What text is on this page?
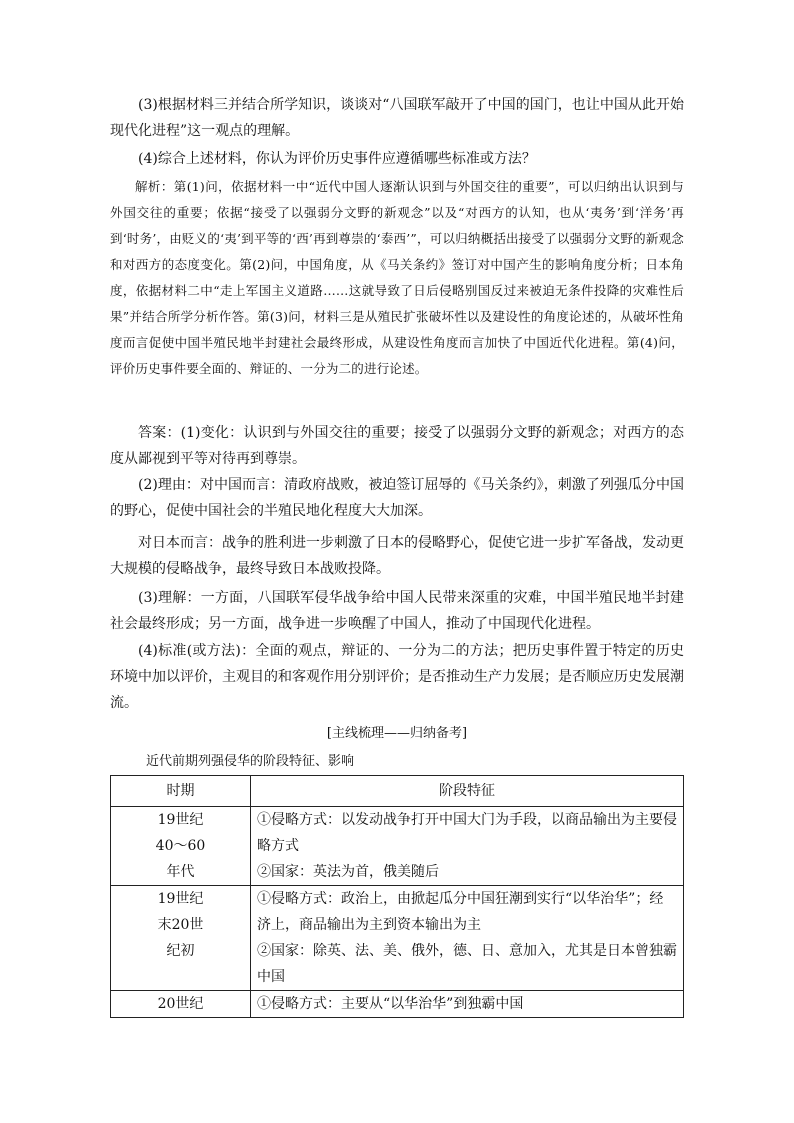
(3)根据材料三并结合所学知识，谈谈对“八国联军敲开了中国的国门，也让中国从此开始现代化进程”这一观点的理解。

(4)综合上述材料，你认为评价历史事件应遵循哪些标准或方法？

解析：第(1)问，依据材料一中“近代中国人逐渐认识到与外国交往的重要”，可以归纳出认识到与外国交往的重要；依据“接受了以强弱分文野的新观念”以及“对西方的认知，也从‘夷务’到‘洋务’再到‘时务’，由贬义的‘夷’到平等的‘西’再到尊崇的‘泰西’”，可以归纳概括出接受了以强弱分文野的新观念和对西方的态度变化。第(2)问，中国角度，从《马关条约》签订对中国产生的影响角度分析；日本角度，依据材料二中“走上军国主义道路……这就导致了日后侵略别国反过来被迫无条件投降的灾难性后果”并结合所学分析作答。第(3)问，材料三是从殖民扩张破坏性以及建设性的角度论述的，从破坏性角度而言促使中国半殖民地半封建社会最终形成，从建设性角度而言加快了中国近代化进程。第(4)问，评价历史事件要全面的、辩证的、一分为二的进行论述。

答案：(1)变化：认识到与外国交往的重要；接受了以强弱分文野的新观念；对西方的态度从鄙视到平等对待再到尊崇。

(2)理由：对中国而言：清政府战败，被迫签订屈辱的《马关条约》，刺激了列强瓜分中国的野心，促使中国社会的半殖民地化程度大大加深。

对日本而言：战争的胜利进一步刺激了日本的侵略野心，促使它进一步扩军备战，发动更大规模的侵略战争，最终导致日本战败投降。

(3)理解：一方面，八国联军侵华战争给中国人民带来深重的灾难，中国半殖民地半封建社会最终形成；另一方面，战争进一步唤醒了中国人，推动了中国现代化进程。

(4)标准(或方法)：全面的观点，辩证的、一分为二的方法；把历史事件置于特定的历史环境中加以评价，主观目的和客观作用分别评价；是否推动生产力发展；是否顺应历史发展潮流。

[主线梳理——归纳备考]

近代前期列强侵华的阶段特征、影响

时期	阶段特征

19世纪
40～60
年代	①侵略方式：以发动战争打开中国大门为手段，以商品输出为主要侵略方式
②国家：英法为首，俄美随后

19世纪
末20世
纪初	①侵略方式：政治上，由掀起瓜分中国狂潮到实行“以华治华”；经济上，商品输出为主到资本输出为主
②国家：除英、法、美、俄外，德、日、意加入，尤其是日本曾独霸中国

20世纪	①侵略方式：主要从“以华治华”到独霸中国
